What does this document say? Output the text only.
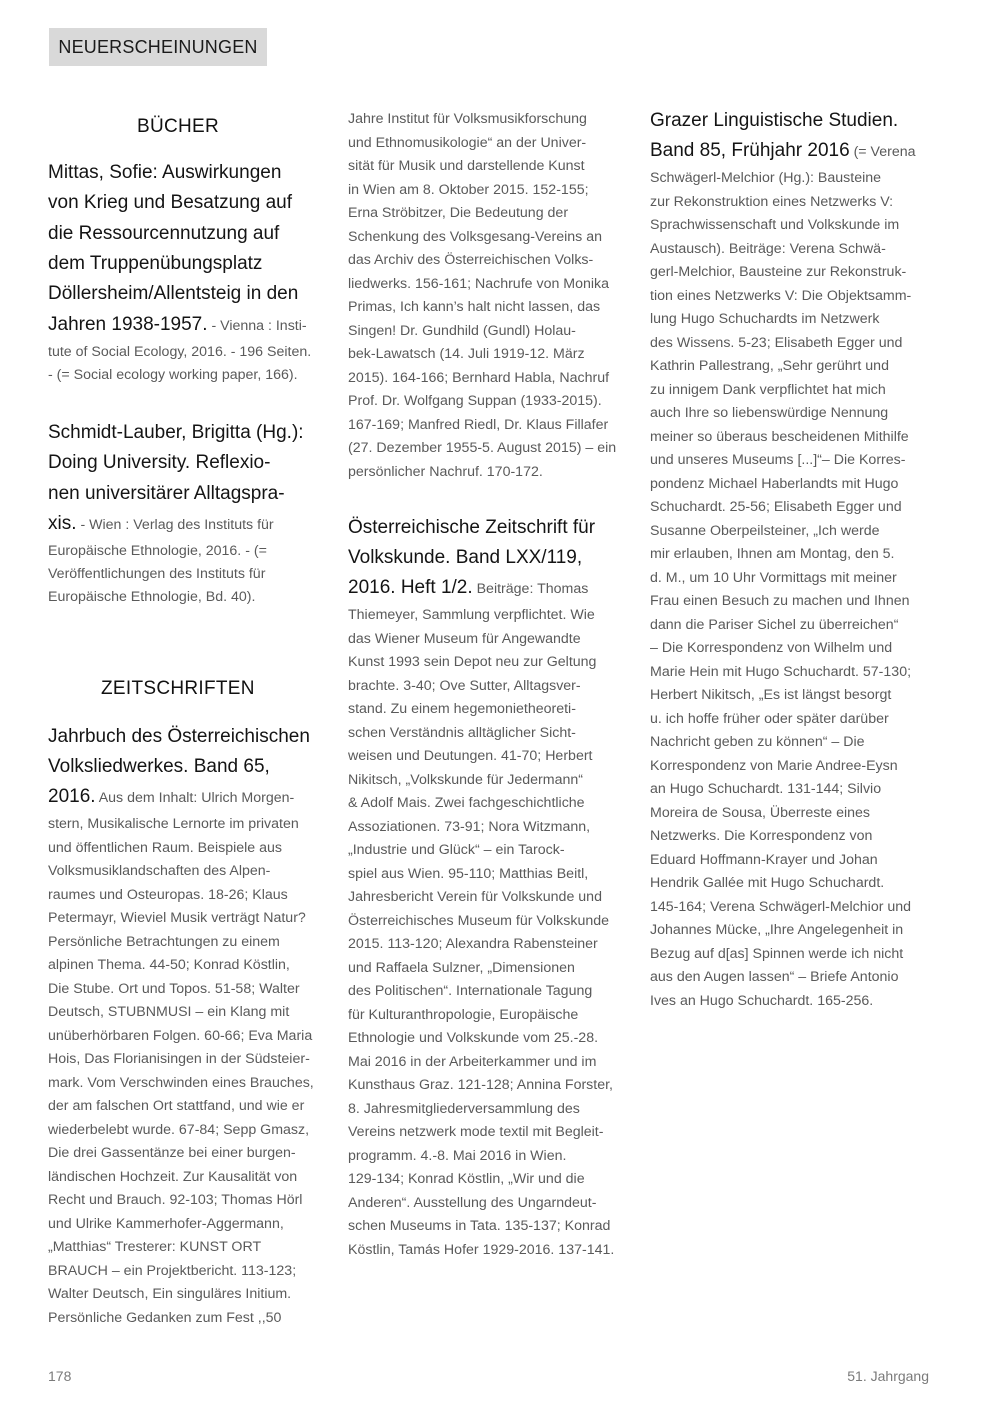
NEUERSCHEINUNGEN
BÜCHER
Mittas, Sofie: Auswirkungen
von Krieg und Besatzung auf
die Ressourcennutzung auf
dem Truppenübungsplatz
Döllersheim/Allentsteig in den
Jahren 1938-1957. - Vienna : Insti-
tute of Social Ecology, 2016. - 196 Seiten.
- (= Social ecology working paper, 166).
Schmidt-Lauber, Brigitta (Hg.):
Doing University. Reflexio-
nen universitärer Alltagspra-
xis. - Wien : Verlag des Instituts für
Europäische Ethnologie, 2016. - (=
Veröffentlichungen des Instituts für
Europäische Ethnologie, Bd. 40).
ZEITSCHRIFTEN
Jahrbuch des Österreichischen
Volksliedwerkes. Band 65,
2016. Aus dem Inhalt: Ulrich Morgen-
stern, Musikalische Lernorte im privaten
und öffentlichen Raum. Beispiele aus
Volksmusiklandschaften des Alpen-
raumes und Osteuropas. 18-26; Klaus
Petermayr, Wieviel Musik verträgt Natur?
Persönliche Betrachtungen zu einem
alpinen Thema. 44-50; Konrad Köstlin,
Die Stube. Ort und Topos. 51-58; Walter
Deutsch, STUBNMUSI – ein Klang mit
unüberhörbaren Folgen. 60-66; Eva Maria
Hois, Das Florianisingen in der Südsteier-
mark. Vom Verschwinden eines Brauches,
der am falschen Ort stattfand, und wie er
wiederbelebt wurde. 67-84; Sepp Gmasz,
Die drei Gassentänze bei einer burgen-
ländischen Hochzeit. Zur Kausalität von
Recht und Brauch. 92-103; Thomas Hörl
und Ulrike Kammerhofer-Aggermann,
„Matthias“ Tresterer: KUNST ORT
BRAUCH – ein Projektbericht. 113-123;
Walter Deutsch, Ein singuläres Initium.
Persönliche Gedanken zum Fest ,,50
Jahre Institut für Volksmusikforschung
und Ethnomusikologie“ an der Univer-
sität für Musik und darstellende Kunst
in Wien am 8. Oktober 2015. 152-155;
Erna Ströbitzer, Die Bedeutung der
Schenkung des Volksgesang-Vereins an
das Archiv des Österreichischen Volks-
liedwerks. 156-161; Nachrufe von Monika
Primas, Ich kann’s halt nicht lassen, das
Singen! Dr. Gundhild (Gundl) Holau-
bek-Lawatsch (14. Juli 1919-12. März
2015). 164-166; Bernhard Habla, Nachruf
Prof. Dr. Wolfgang Suppan (1933-2015).
167-169; Manfred Riedl, Dr. Klaus Fillafer
(27. Dezember 1955-5. August 2015) – ein
persönlicher Nachruf. 170-172.
Österreichische Zeitschrift für
Volkskunde. Band LXX/119,
2016. Heft 1/2. Beiträge: Thomas
Thiemeyer, Sammlung verpflichtet. Wie
das Wiener Museum für Angewandte
Kunst 1993 sein Depot neu zur Geltung
brachte. 3-40; Ove Sutter, Alltagsver-
stand. Zu einem hegemonietheoreti-
schen Verständnis alltäglicher Sicht-
weisen und Deutungen. 41-70; Herbert
Nikitsch, „Volkskunde für Jedermann“
& Adolf Mais. Zwei fachgeschichtliche
Assoziationen. 73-91; Nora Witzmann,
„Industrie und Glück“ – ein Tarock-
spiel aus Wien. 95-110; Matthias Beitl,
Jahresbericht Verein für Volkskunde und
Österreichisches Museum für Volkskunde
2015. 113-120; Alexandra Rabensteiner
und Raffaela Sulzner, „Dimensionen
des Politischen“. Internationale Tagung
für Kulturanthropologie, Europäische
Ethnologie und Volkskunde vom 25.-28.
Mai 2016 in der Arbeiterkammer und im
Kunsthaus Graz. 121-128; Annina Forster,
8. Jahresmitgliederversammlung des
Vereins netzwerk mode textil mit Begleit-
programm. 4.-8. Mai 2016 in Wien.
129-134; Konrad Köstlin, „Wir und die
Anderen“. Ausstellung des Ungarndeut-
schen Museums in Tata. 135-137; Konrad
Köstlin, Tamás Hofer 1929-2016. 137-141.
Grazer Linguistische Studien.
Band 85, Frühjahr 2016 (= Verena
Schwägerl-Melchior (Hg.): Bausteine
zur Rekonstruktion eines Netzwerks V:
Sprachwissenschaft und Volkskunde im
Austausch). Beiträge: Verena Schwä-
gerl-Melchior, Bausteine zur Rekonstruk-
tion eines Netzwerks V: Die Objektsamm-
lung Hugo Schuchardts im Netzwerk
des Wissens. 5-23; Elisabeth Egger und
Kathrin Pallestrang, „Sehr gerührt und
zu innigem Dank verpflichtet hat mich
auch Ihre so liebenswürdige Nennung
meiner so überaus bescheidenen Mithilfe
und unseres Museums [...]“– Die Korres-
pondenz Michael Haberlandts mit Hugo
Schuchardt. 25-56; Elisabeth Egger und
Susanne Oberpeilsteiner, „Ich werde
mir erlauben, Ihnen am Montag, den 5.
d. M., um 10 Uhr Vormittags mit meiner
Frau einen Besuch zu machen und Ihnen
dann die Pariser Sichel zu überreichen“
– Die Korrespondenz von Wilhelm und
Marie Hein mit Hugo Schuchardt. 57-130;
Herbert Nikitsch, „Es ist längst besorgt
u. ich hoffe früher oder später darüber
Nachricht geben zu können“ – Die
Korrespondenz von Marie Andree-Eysn
an Hugo Schuchardt. 131-144; Silvio
Moreira de Sousa, Überreste eines
Netzwerks. Die Korrespondenz von
Eduard Hoffmann-Krayer und Johan
Hendrik Gallée mit Hugo Schuchardt.
145-164; Verena Schwägerl-Melchior und
Johannes Mücke, „Ihre Angelegenheit in
Bezug auf d[as] Spinnen werde ich nicht
aus den Augen lassen“ – Briefe Antonio
Ives an Hugo Schuchardt. 165-256.
178	51. Jahrgang
